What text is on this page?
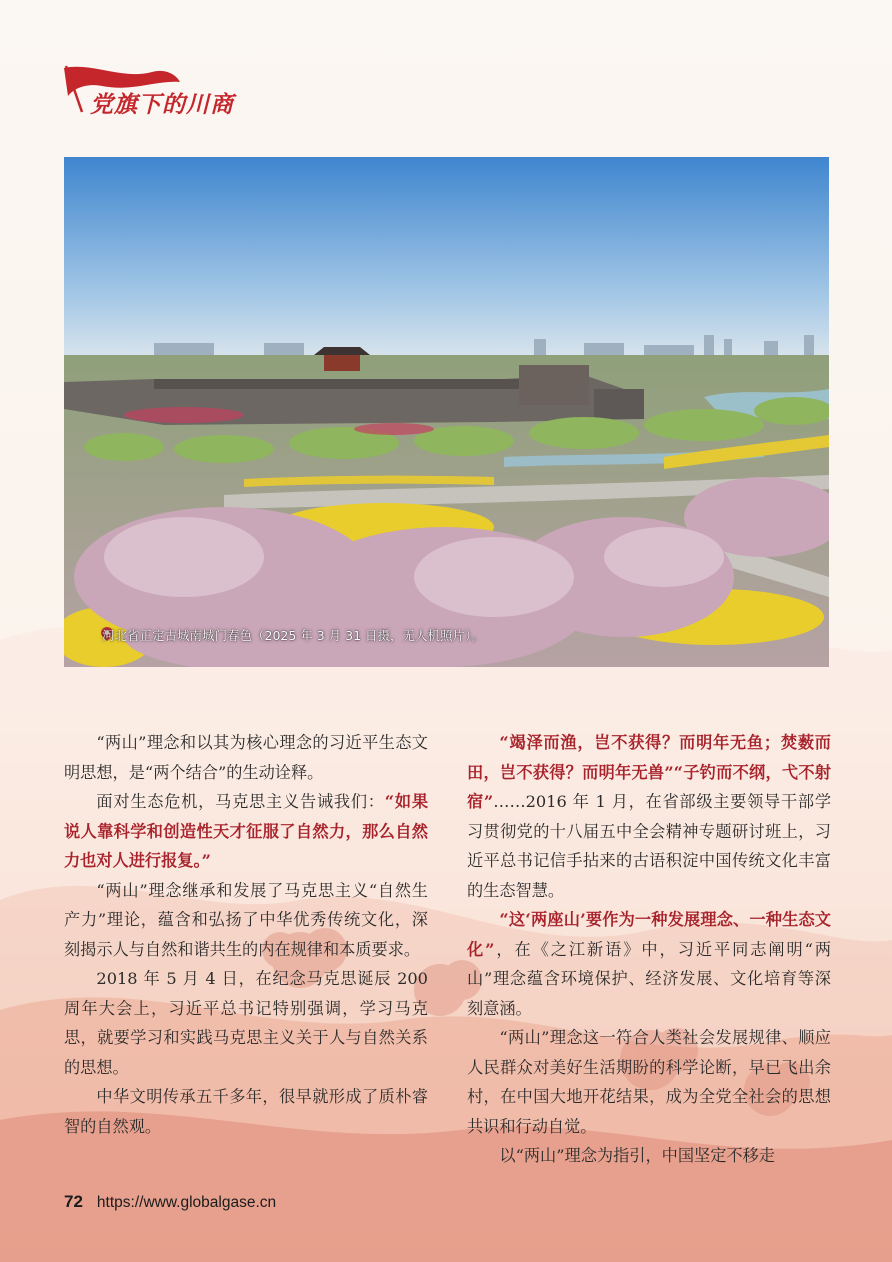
党旗下的川商
河北省正定古城南城门春色（2025 年 3 月 31 日摄，无人机照片）。

“两山”理念和以其为核心理念的习近平生态文明思想，是“两个结合”的生动诠释。

面对生态危机，马克思主义告诫我们：“如果说人靠科学和创造性天才征服了自然力，那么自然力也对人进行报复。”

“两山”理念继承和发展了马克思主义“自然生产力”理论，蕴含和弘扬了中华优秀传统文化，深刻揭示人与自然和谐共生的内在规律和本质要求。

2018 年 5 月 4 日，在纪念马克思诞辰 200 周年大会上，习近平总书记特别强调，学习马克思，就要学习和实践马克思主义关于人与自然关系的思想。

中华文明传承五千多年，很早就形成了质朴睿智的自然观。

“竭泽而渔，岂不获得？而明年无鱼；焚薮而田，岂不获得？而明年无兽”“子钓而不纲，弋不射宿”……2016 年 1 月，在省部级主要领导干部学习贯彻党的十八届五中全会精神专题研讨班上，习近平总书记信手拈来的古语积淀中国传统文化丰富的生态智慧。

“这‘两座山’要作为一种发展理念、一种生态文化”，在《之江新语》中，习近平同志阐明“两山”理念蕴含环境保护、经济发展、文化培育等深刻意涵。

“两山”理念这一符合人类社会发展规律、顺应人民群众对美好生活期盼的科学论断，早已飞出余村，在中国大地开花结果，成为全党全社会的思想共识和行动自觉。

以“两山”理念为指引，中国坚定不移走

72 https://www.globalgase.cn
